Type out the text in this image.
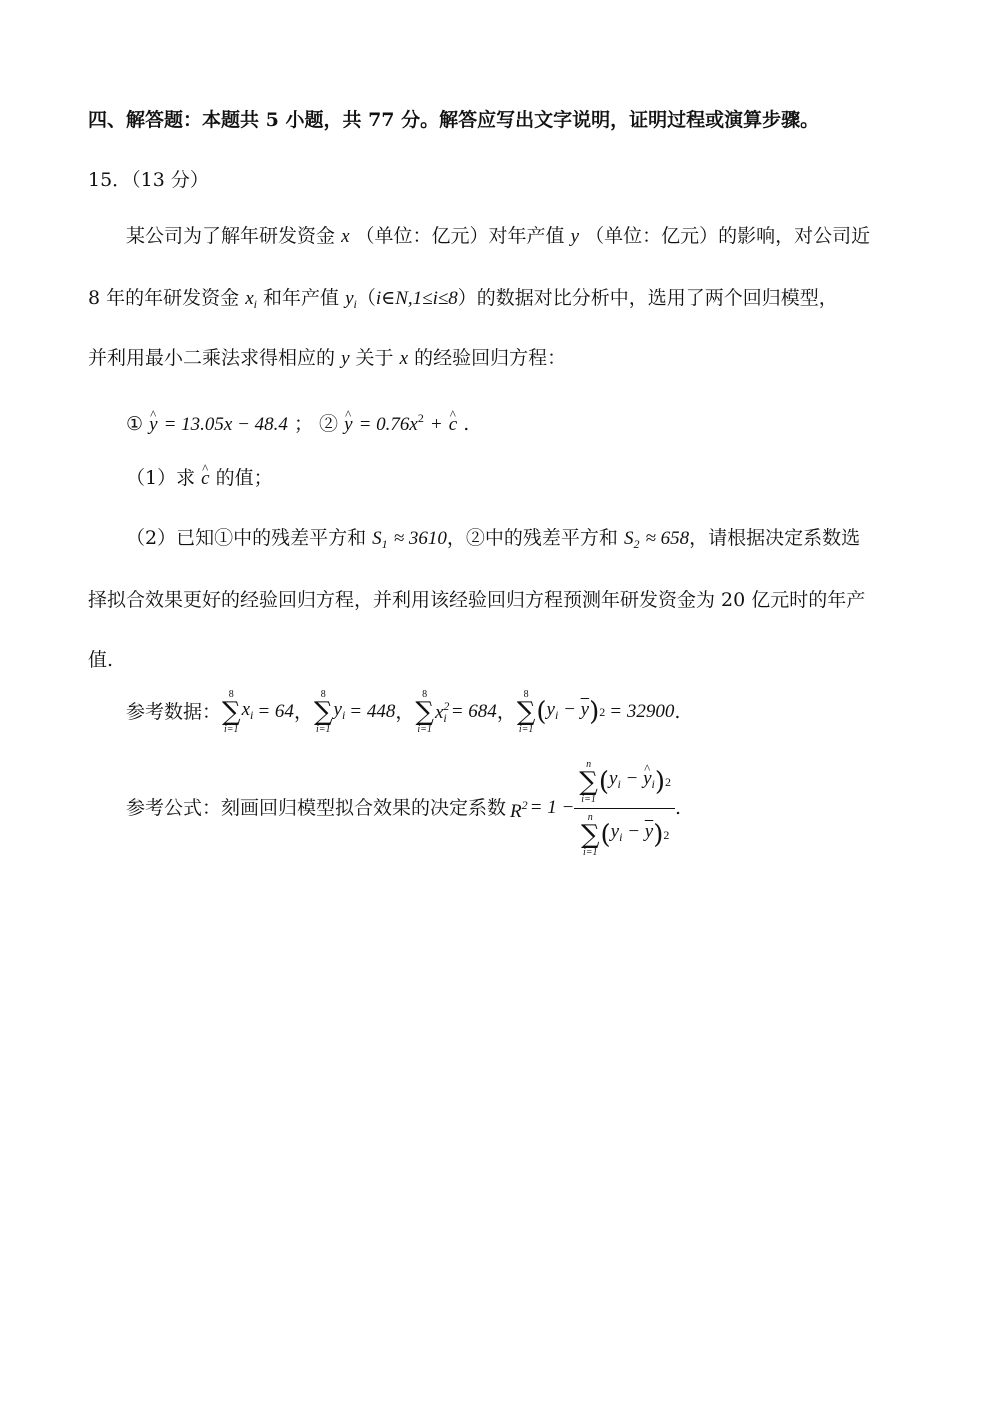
四、解答题：本题共 5 小题，共 77 分。解答应写出文字说明，证明过程或演算步骤。
15．（13 分）
某公司为了解年研发资金 x （单位：亿元）对年产值 y （单位：亿元）的影响，对公司近
8 年的年研发资金 $x_i$ 和年产值 $y_i(i\in N,1\le i\le 8)$的数据对比分析中，选用了两个回归模型，
并利用最小二乘法求得相应的 y 关于 x 的经验回归方程：
① y ^ = 13.05x − 48.4 ； ② y ^ = $0.76x^2 + c$ ^ .
（1）求 c ^ 的值；
（2）已知①中的残差平方和 $S_1 \approx 3610$，②中的残差平方和 $S_2 \approx 658$，请根据决定系数选
择拟合效果更好的经验回归方程，并利用该经验回归方程预测年研发资金为 20 亿元时的年产
值.
参考数据：
8
∑
i=1
$x_i = 64$ ，
8
∑
i=1
$y_i = 448$ ，
8
∑
i=1
$x^2_i = 684$ ，
8
∑
i=1
( $y_i - \overline{y}$ ) 2 = 32900 .
参考公式：刻画回归模型拟合效果的决定系数 $R^2 = 1 - n$
∑
i=1
( $y_i - y$ $\^{}_i$ ) 2
n
∑
i=1
( $y_i - \overline{y}$ ) 2 .
